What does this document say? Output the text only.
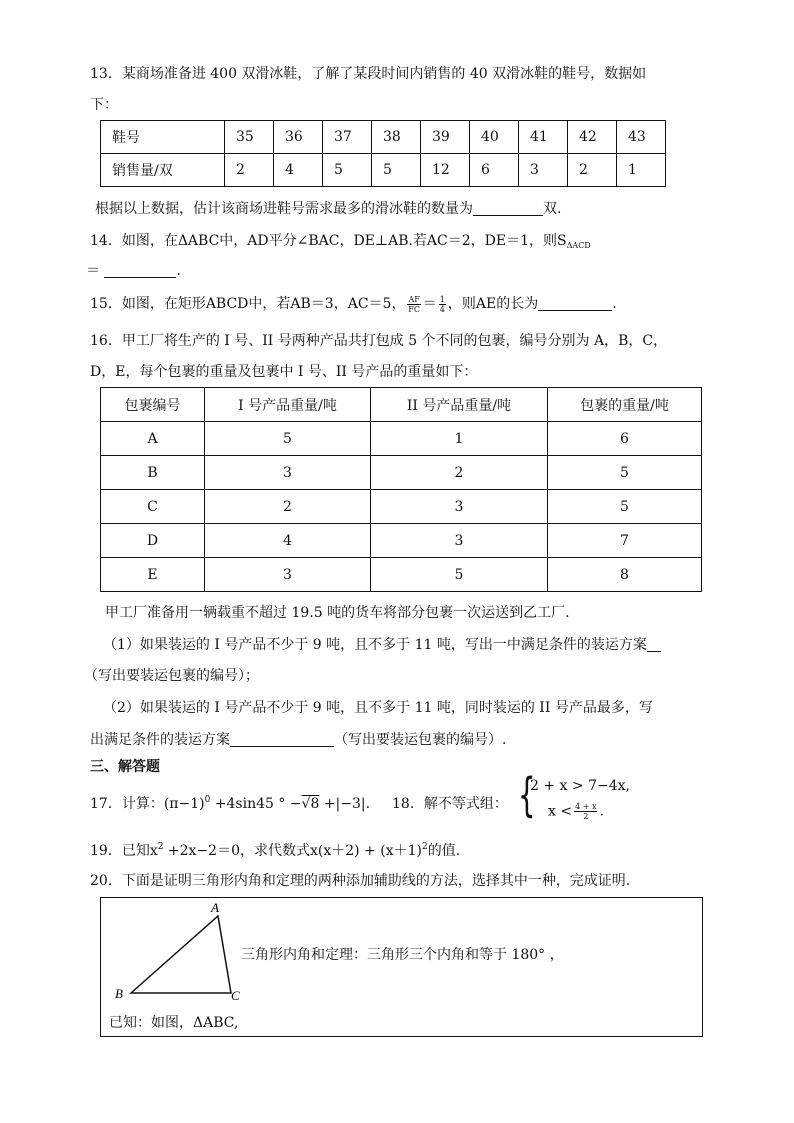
13．某商场准备进 400 双滑冰鞋，了解了某段时间内销售的 40 双滑冰鞋的鞋号，数据如
下：
鞋号	35	36	37	38	39	40	41	42	43
销售量/双	2	4	5	5	12	6	3	2	1
根据以上数据，估计该商场进鞋号需求最多的滑冰鞋的数量为	双.
14．如图，在ΔABC中，AD平分∠BAC，DE⊥AB.若AC＝2，DE＝1，则$S_{\Delta ACD}$
＝	.
15．如图，在矩形ABCD中，若AB＝3，AC＝5， $\frac{AF}{FC} = \frac{1}{4}$ ，则AE的长为	.
16．甲工厂将生产的 I 号、II 号两种产品共打包成 5 个不同的包裹，编号分别为 A，B，C，
D，E，每个包裹的重量及包裹中 I 号、II 号产品的重量如下：
包裹编号	I 号产品重量/吨	II 号产品重量/吨	包裹的重量/吨
A	5	1	6
B	3	2	5
C	2	3	5
D	4	3	7
E	3	5	8
甲工厂准备用一辆载重不超过 19.5 吨的货车将部分包裹一次运送到乙工厂.
（1）如果装运的 I 号产品不少于 9 吨，且不多于 11 吨，写出一中满足条件的装运方案
（写出要装运包裹的编号）；
（2）如果装运的 I 号产品不少于 9 吨，且不多于 11 吨，同时装运的 II 号产品最多，写
出满足条件的装运方案	（写出要装运包裹的编号）.
三、解答题
17．计算：$(\pi-1)^0 +4\sin 45$ ° −√8 +|−3|. 18．解不等式组： {
2 + x > 7−4x,
$x < \frac{4 + x}{2}$ .
19．已知$x^2 +2x-2=0$，求代数式$x(x+2) + (x+1)^2$的值.
20．下面是证明三角形内角和定理的两种添加辅助线的方法，选择其中一种，完成证明.
A
B	C
三角形内角和定理：三角形三个内角和等于 180° ，
已知：如图，ΔABC,
